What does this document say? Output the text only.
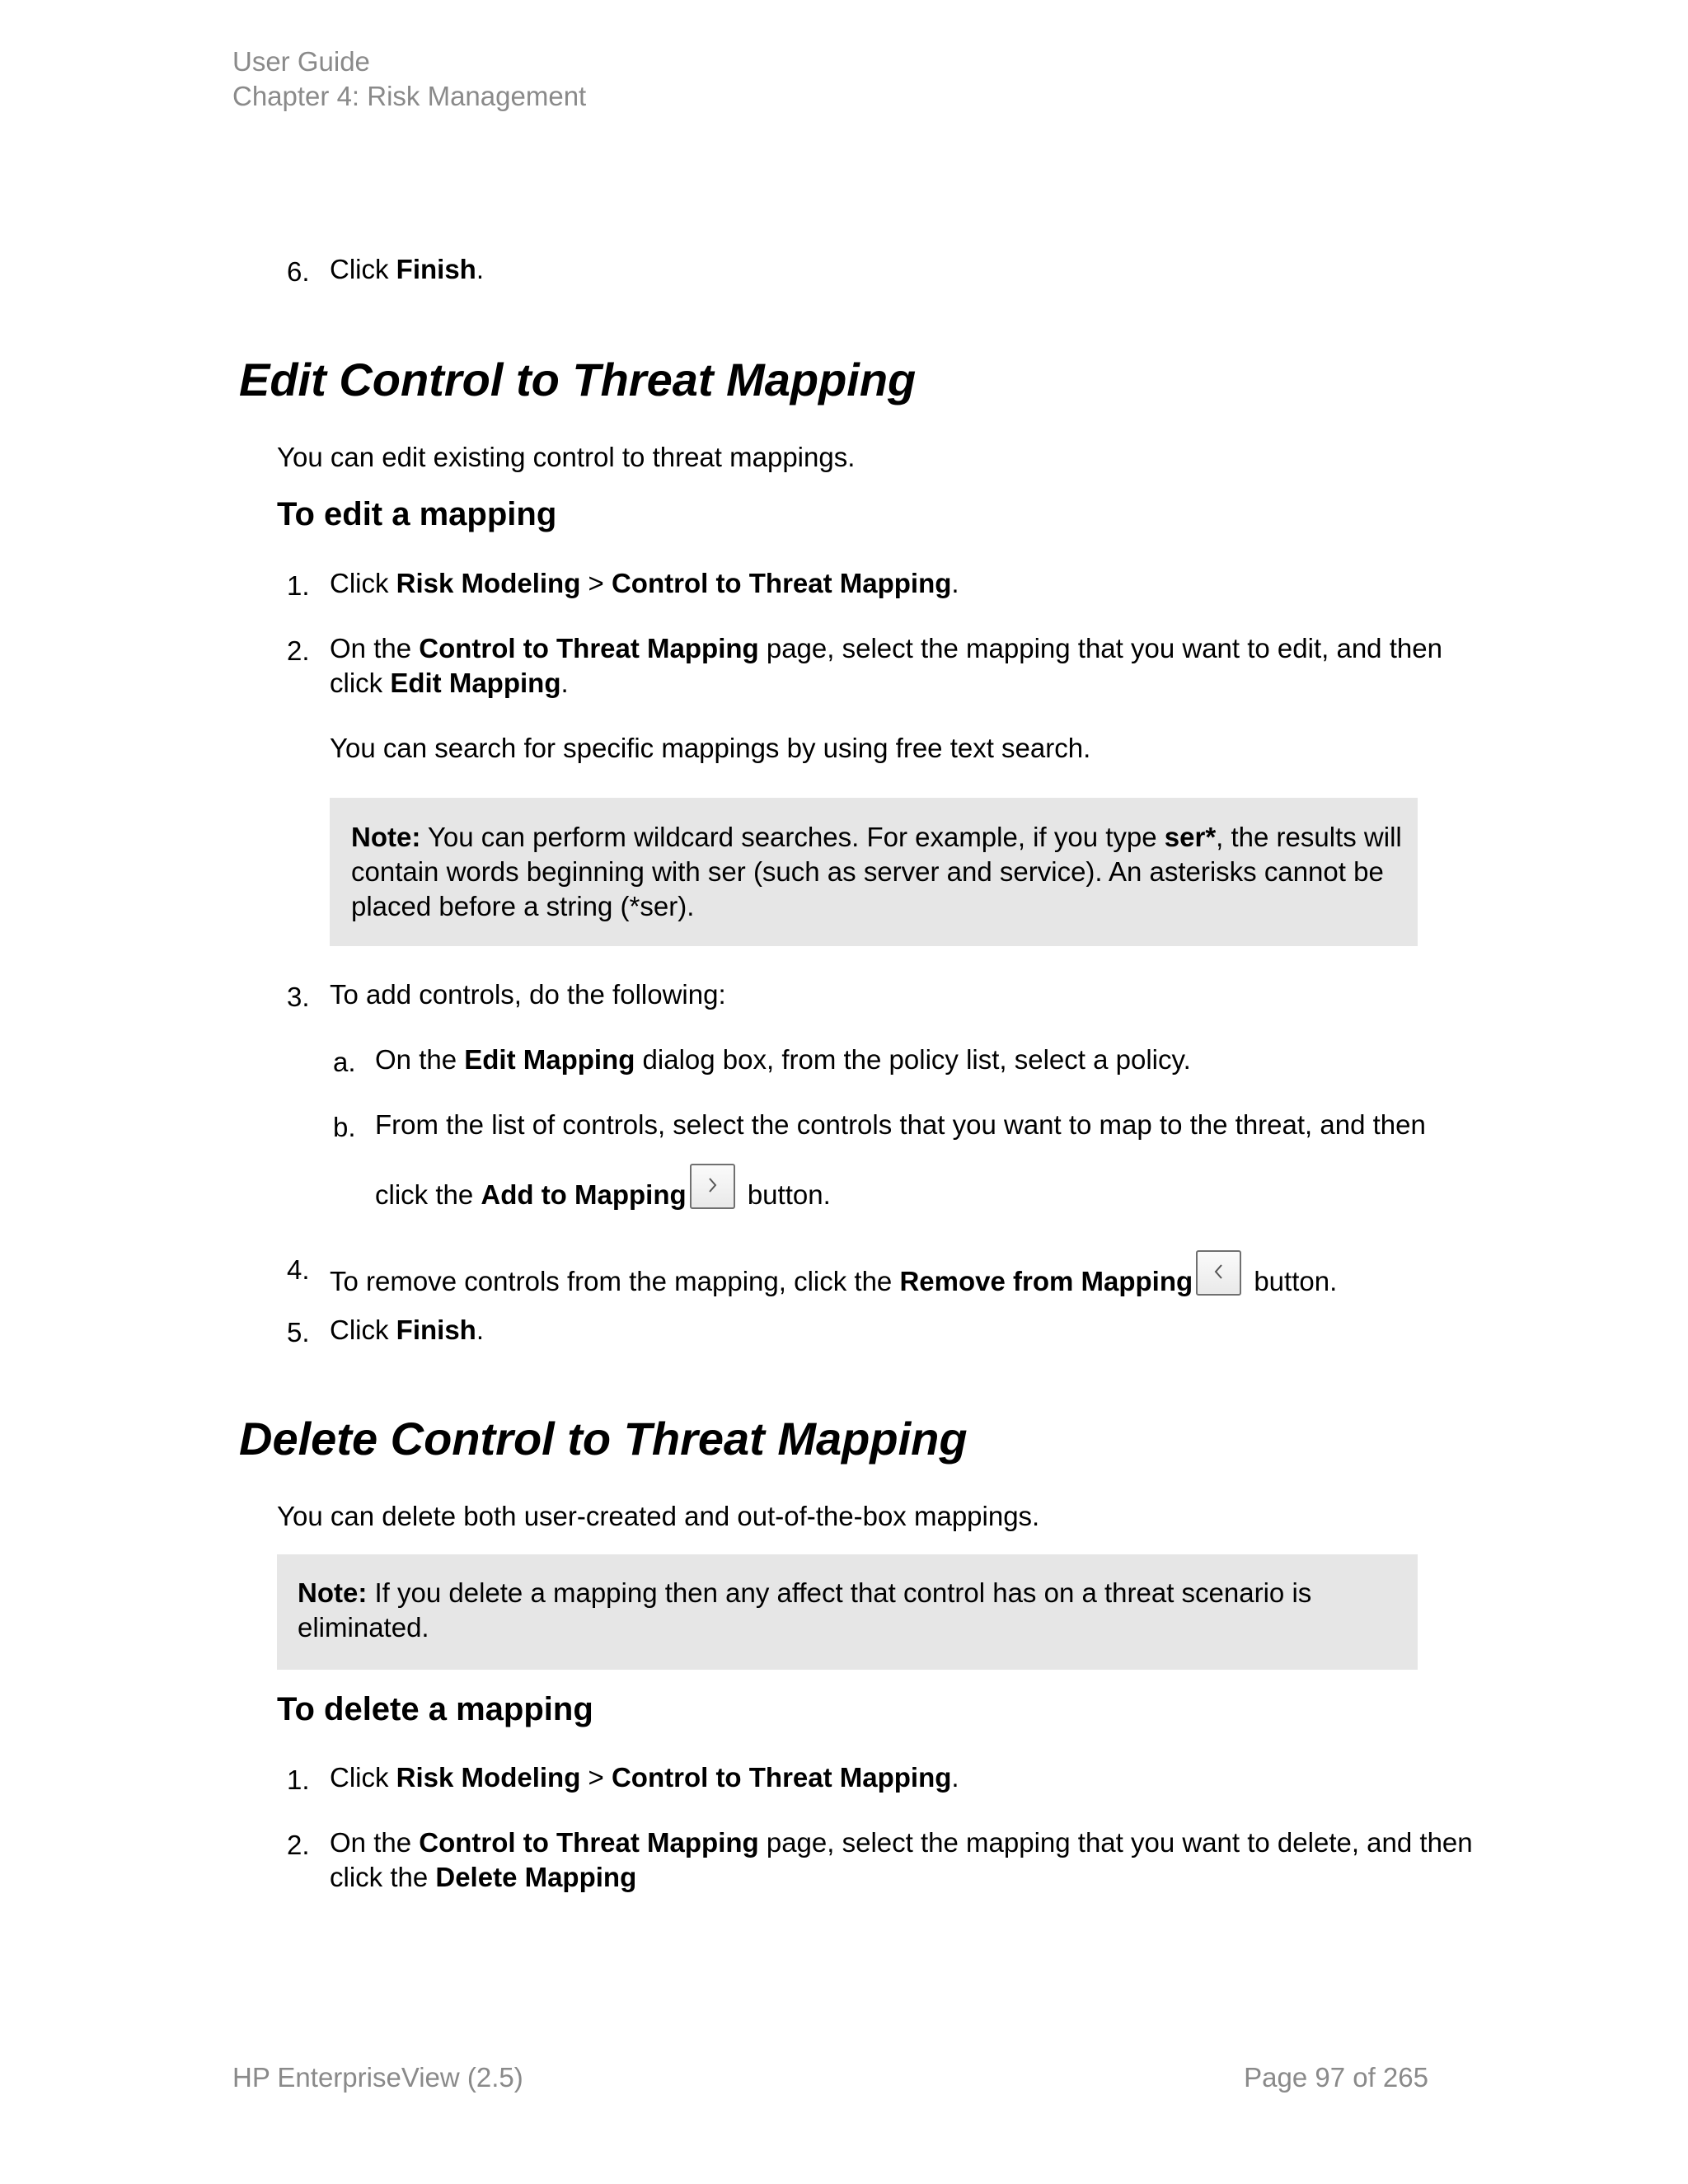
User Guide
Chapter 4: Risk Management
6. Click Finish.
Edit Control to Threat Mapping
You can edit existing control to threat mappings.
To edit a mapping
1. Click Risk Modeling > Control to Threat Mapping.
2. On the Control to Threat Mapping page, select the mapping that you want to edit, and then
click Edit Mapping.
You can search for specific mappings by using free text search.
Note: You can perform wildcard searches. For example, if you type ser*, the results will
contain words beginning with ser (such as server and service). An asterisks cannot be
placed before a string (*ser).
3. To add controls, do the following:
a. On the Edit Mapping dialog box, from the policy list, select a policy.
b. From the list of controls, select the controls that you want to map to the threat, and then
click the Add to Mapping
button.
4. To remove controls from the mapping, click the Remove from Mapping
button.
5. Click Finish.
Delete Control to Threat Mapping
You can delete both user-created and out-of-the-box mappings.
Note: If you delete a mapping then any affect that control has on a threat scenario is
eliminated.
To delete a mapping
1. Click Risk Modeling > Control to Threat Mapping.
2. On the Control to Threat Mapping page, select the mapping that you want to delete, and then
click the Delete Mapping
HP EnterpriseView (2.5)	Page 97 of 265
